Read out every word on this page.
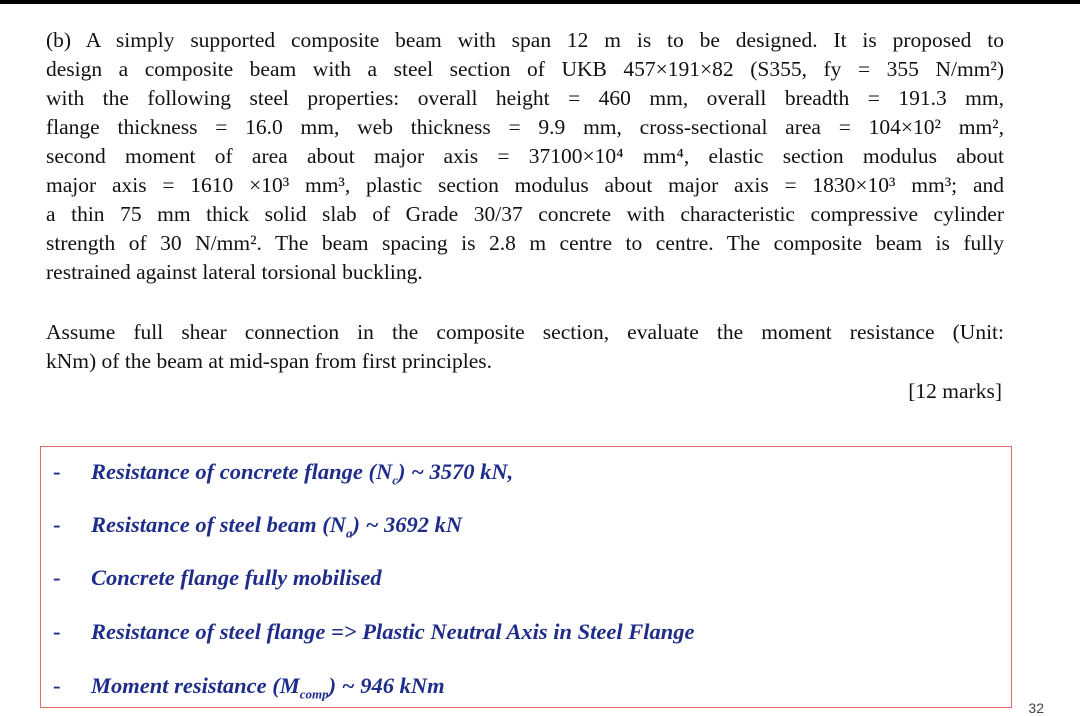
(b) A simply supported composite beam with span 12 m is to be designed. It is proposed to
design a composite beam with a steel section of UKB 457×191×82 (S355, fy = 355 N/mm²)
with the following steel properties: overall height = 460 mm, overall breadth = 191.3 mm,
flange thickness = 16.0 mm, web thickness = 9.9 mm, cross-sectional area = 104×10² mm²,
second moment of area about major axis = 37100×10⁴ mm⁴, elastic section modulus about
major axis = 1610 ×10³ mm³, plastic section modulus about major axis = 1830×10³ mm³; and
a thin 75 mm thick solid slab of Grade 30/37 concrete with characteristic compressive cylinder
strength of 30 N/mm². The beam spacing is 2.8 m centre to centre. The composite beam is fully
restrained against lateral torsional buckling.
Assume full shear connection in the composite section, evaluate the moment resistance (Unit:
kNm) of the beam at mid-span from first principles.
[12 marks]
- Resistance of concrete flange $(N_c)$ ~ 3570 kN,
- Resistance of steel beam $(N_a)$ ~ 3692 kN
- Concrete flange fully mobilised
- Resistance of steel flange => Plastic Neutral Axis in Steel Flange
- Moment resistance $(M_{comp})$ ~ 946 kNm
32
